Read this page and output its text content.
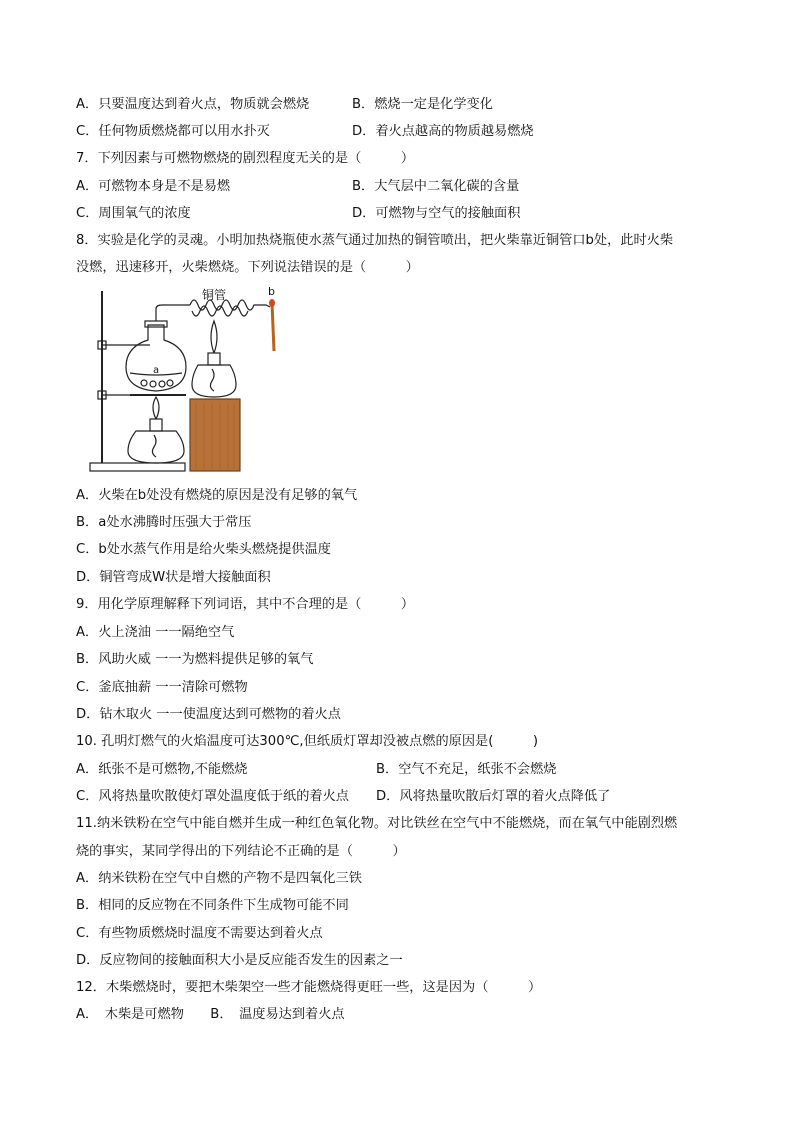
A．只要温度达到着火点，物质就会燃烧	B．燃烧一定是化学变化
C．任何物质燃烧都可以用水扑灭	D．着火点越高的物质越易燃烧
7．下列因素与可燃物燃烧的剧烈程度无关的是（　　　）
A．可燃物本身是不是易燃	B．大气层中二氧化碳的含量
C．周围氧气的浓度	D．可燃物与空气的接触面积
8．实验是化学的灵魂。小明加热烧瓶使水蒸气通过加热的铜管喷出，把火柴靠近铜管口b处，此时火柴
没燃，迅速移开，火柴燃烧。下列说法错误的是（　　　）
铜管	b
a
A．火柴在b处没有燃烧的原因是没有足够的氧气
B．a处水沸腾时压强大于常压
C．b处水蒸气作用是给火柴头燃烧提供温度
D．铜管弯成W状是增大接触面积
9．用化学原理解释下列词语，其中不合理的是（　　　）
A．火上浇油 一一隔绝空气
B．风助火威 一一为燃料提供足够的氧气
C．釜底抽薪 一一清除可燃物
D．钻木取火 一一使温度达到可燃物的着火点
10. 孔明灯燃气的火焰温度可达300℃,但纸质灯罩却没被点燃的原因是(　　　)
A．纸张不是可燃物,不能燃烧	B．空气不充足，纸张不会燃烧
C．风将热量吹散使灯罩处温度低于纸的着火点 D．风将热量吹散后灯罩的着火点降低了
11.纳米铁粉在空气中能自燃并生成一种红色氧化物。对比铁丝在空气中不能燃烧，而在氧气中能剧烈燃
烧的事实，某同学得出的下列结论不正确的是（　　　）
A．纳米铁粉在空气中自燃的产物不是四氧化三铁
B．相同的反应物在不同条件下生成物可能不同
C．有些物质燃烧时温度不需要达到着火点
D．反应物间的接触面积大小是反应能否发生的因素之一
12．木柴燃烧时，要把木柴架空一些才能燃烧得更旺一些，这是因为（　　　）
A．　木柴是可燃物　　B．　温度易达到着火点
